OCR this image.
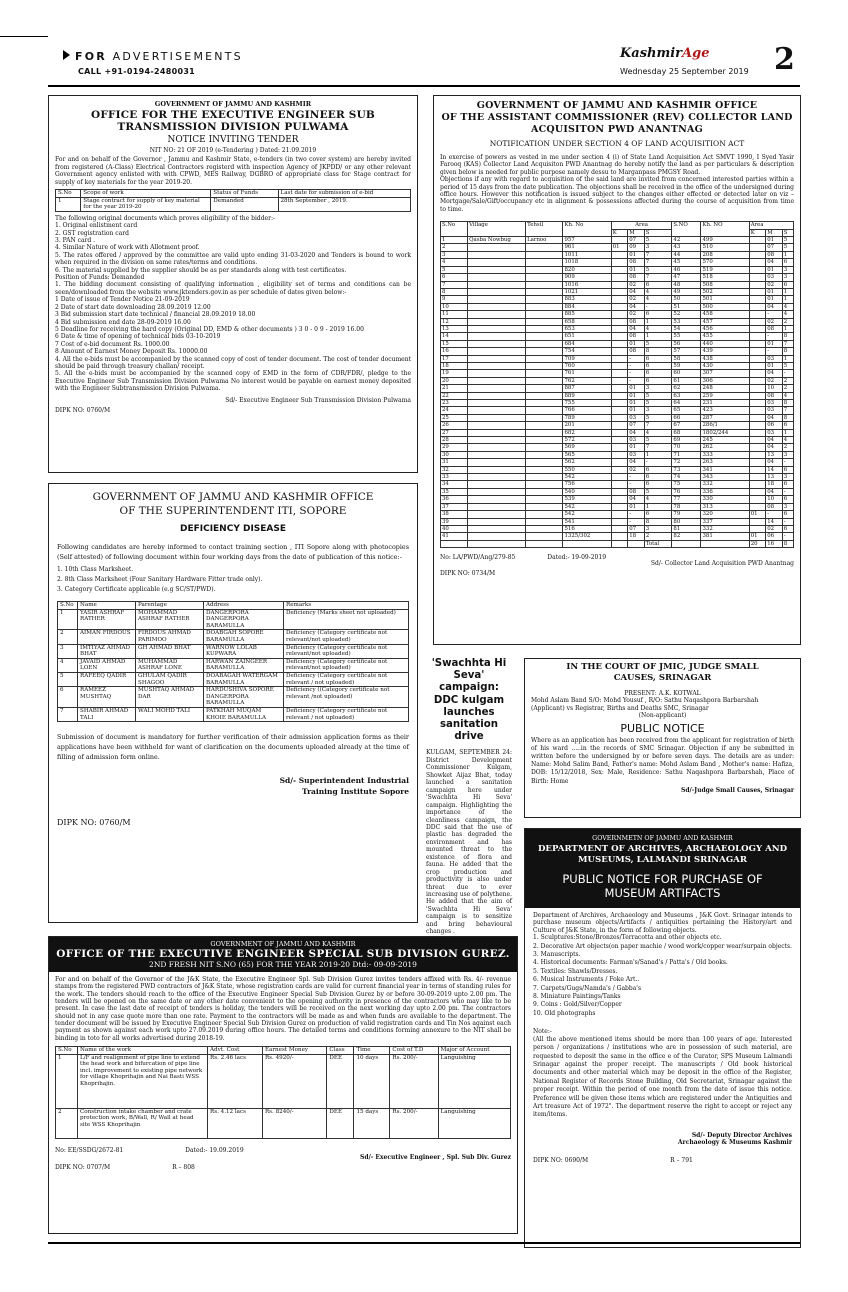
FOR ADVERTISEMENTS
CALL +91-0194-2480031
KashmirAge
Wednesday 25 September 2019 2
GOVERNMENT OF JAMMU AND KASHMIR
OFFICE FOR THE EXECUTIVE ENGINEER SUB TRANSMISSION DIVISION PULWAMA
NOTICE INVITING TENDER
NIT NO: 21 OF 2019 (e-Tendering ) Dated: 21.09.2019
For and on behalf of the Governor , Jammu and Kashmir State, e-tenders (in two cover system) are hereby invited from registered (A-Class) Electrical Contractors registerd with inspection Agency of JKPDD/ or any other relevant Government agency enlisted with with CPWD, MES Railway, DGBRO of appropriate class for Stage contract for supply of key materials for the year 2019-20.
S.No	Scope of work	Status of Funds	Last date for submission of e-bid
1	Stage contract for supply of key material for the year 2019-20	Demanded	28th September , 2019.
The following original documents which proves eligibility of the bidder:-
1. Original enlistment card
2. GST registration card
3. PAN card .
4. Similar Nature of work with Allotment proof.
5. The rates offered / approved by the committee are valid upto ending 31-03-2020 and Tenders is bound to work when required in the division on same rates/terms and conditions.
6. The material supplied by the supplier should be as per standards along with test certificates.
Position of Funds: Demanded
1. The bidding document consisting of qualifying information , eligibility set of terms and conditions can be seen/downloaded from the website www.jktenders.gov.in as per schedule of dates given below:-
1 Date of issue of Tender Notice 21-09-2019
2 Date of start date downloading 28.09.2019 12.00
3 Bid submission start date technical / financial 28.09.2019 18.00
4 Bid submission end date 28-09-2019 16.00
5 Deadline for receiving the hard copy (Original DD, EMD & other documents ) 3 0 - 0 9 - 2019 16.00
6 Date & time of opening of technical bids 03-10-2019
7 Cost of e-bid document Rs. 1000.00
8 Amount of Earnest Money Deposit Rs. 10000.00
4. All the e-bids must be accompanied by the scanned copy of cost of tender document. The cost of tender document should be paid through treasury challan/ receipt.
5. All the e-bids must be accompanied by the scanned copy of EMD in the form of CDR/FDR/, pledge to the Executive Engineer Sub Transmission Division Pulwama No interest would be payable on earnest money deposited with the Engineer Subtransmission Division Pulwama.
Sd/- Executive Engineer Sub Transmission Division Pulwama
DIPK NO: 0760/M
GOVERNMENT OF JAMMU AND KASHMIR OFFICE
OF THE SUPERINTENDENT ITI, SOPORE
DEFICIENCY DISEASE
Following candidates are hereby informed to contact training section , ITI Sopore along with photocopies (Self attested) of following document within four working days from the date of publication of this notice:-
1. 10th Class Marksheet.
2. 8th Class Marksheet (Four Sanitary Hardware Fitter trade only).
3. Category Certificate applicable (e.g SC/ST/PWD).
S.No	Name	Parentage	Address	Remarks
1	YASIR ASHRAF RATHER	MOHAMMAD ASHRAF RATHER	DANGERPORA DANGERPORA BARAMULLA	Deficiency (Marks sheet not uploaded)
2	AIMAN FIRDOUS	FIRDOUS AHMAD PARIMOO	DOABGAH SOPORE BARAMULLA	Deficiency (Category certificate not relevant/not uploaded)
3	IMTIYAZ AHMAD BHAT	GH AHMAD BHAT	WARNOW LOLAB KUPWARA	Deficiency (Category certificate not relevant/not uploaded)
4	JAVAID AHMAD LOEN	MUHAMMAD ASHRAF LONE	HARWAN ZAINGEER BARAMULLA	Deficiency (Category certificate not relevant/not uploaded)
5	RAFEEQ QADIR	GHULAM QADIR SHAGOO	DOABAGAH WATERGAM BARAMULLA	Deficiency (Category certificate not relevant / not uploaded)
6	RAMEEZ MUSHTAQ	MUSHTAQ AHMAD DAR	HARDUSHIVA SOPORE DANGERPORA BARAMULLA	Deficiency ((Category certificate not relevant /not uploaded)
7	SHABIR AHMAD TALI	WALI MOHD TALI	PATKHAH MUQAM KHOIE BARAMULLA	Deficiency (Category certificate not relevant / not uploaded)
Submission of document is mandatory for further verification of their admission application forms as their applications have been withheld for want of clarification on the documents uploaded already at the time of filling of admission form online.
Sd/- Superintendent Industrial
Training Institute Sopore
DIPK NO: 0760/M
GOVERNMENT OF JAMMU AND KASHMIR OFFICE
OF THE ASSISTANT COMMISSIONER (REV) COLLECTOR LAND ACQUISITON PWD ANANTNAG
NOTIFICATION UNDER SECTION 4 OF LAND ACQUISITION ACT
In exercise of powers as vested in me under section 4 (i) of State Land Acquisition Act SMVT 1990, I Syed Yasir Farooq (KAS) Collector Land Acquisiton PWD Anantnag do hereby notify the land as per particulars & description given below is needed for public purpose namely dessu to Marganpass PMGSY Road.
Objections if any with regard to acquisition of the said land are invited from concerned interested parties within a period of 15 days from the date publication. The objections shall be received in the office of the undersigned during office hours. However this notification is issued subject to the changes either effected or detected later on viz – Mortgage/Sale/Gift/occupancy etc in alignment & possessions affected during the course of acquisition from time to time.
S.No	Village	Tehsil	Kh. No	Area			S.NO	Kh. NO	Area		
				K	M	S			K	M	S
1	Qasba Nowbug	Larnoo	957		07	5	42	499		01	5
2			961	01	09	3	43	510		07	5
3			1011		01	7	44	208		08	1
4			1018		08	7	45	570		04	6
5			820		01	5	46	519		01	3
6			909		08	7	47	518		03	3
7			1016		02	6	48	508		02	6
8			1021		04	4	49	502		01	1
9			883		02	4	50	501		01	1
10			884		04	-	51	500		04	4
11			885		02	6	52	458		-	4
12			658		08	1	53	457		02	2
13			653		04	4	54	456		08	1
14			651		08	1	55	455		-	8
15			684		01	5	56	440		01	7
16			754		08	8	57	439		-	8
17			709		-	6	58	438		03	1
18			760		-	6	59	430		01	5
19			761		-	6	60	307		04	-
20			762		-	6	61	306		02	2
21			887		01	3	62	248		10	2
22			889		01	5	63	259		08	4
23			755		01	5	64	231		03	8
24			766		01	3	65	423		03	7
25			789		03	5	66	287		04	8
26			201		07	7	67	286/1		06	6
27			682		04	4	68	1802/244		03	1
28			572		03	5	69	245		04	4
29			569		01	7	70	262		04	2
30			565		03	1	71	333		13	3
31			562		04	-	72	263		04	-
32			550		02	6	73	341		14	6
33			542		-	6	74	343		13	3
34			756		-	6	75	332		18	6
35			540		08	5	76	336		04	-
36			539		04	4	77	330		10	6
37			542		01	1	78	313		08	3
38			542		-	6	79	320	01	-	6
39			541		-	8	80	337		14	-
40			516		07	3	81	332		02	6
41			1325/302		18	2	82	381	01	06	-
						Total			20	16	8
No: LA/PWD/Ang/279-85	Dated:- 19-09-2019
Sd/- Collector Land Acquisition PWD Anantnag
DIPK NO: 0734/M
'Swachhta Hi Seva' campaign: DDC kulgam launches sanitation drive
KULGAM, SEPTEMBER 24: District Development Commissioner Kulgam, Showket Aijaz Bhat, today launched a sanitation campaign here under 'Swachhta Hi Seva' campaign. Highlighting the importance of the cleanliness campaign, the DDC said that the use of plastic has degraded the environment and has mounted threat to the existence of flora and fauna. He added that the crop production and productivity is also under threat due to ever increasing use of polythene. He added that the aim of 'Swachhta Hi Seva' campaign is to sensitize and bring behavioural changes .
IN THE COURT OF JMIC, JUDGE SMALL CAUSES, SRINAGAR
PRESENT: A.K. KOTWAL
Mohd Aslam Band S/O: Mohd Yousuf , R/O: Sathu Naqashpora Barbarshah
(Applicant) vs Registrar, Births and Deaths SMC, Srinagar
(Non-applicant)
PUBLIC NOTICE
Where as an application has been received from the applicant for registration of birth of his ward .....in the records of SMC Srinagar. Objection if any be submitted in written before the undersigned by or before seven days. The details are as under: Name: Mohd Salim Band, Father's name: Mohd Aslam Band , Mother's name: Hafiza, DOB: 15/12/2018, Sex: Male, Residence: Sathu Naqashpora Barbarshah, Place of Birth: Home
Sd/-Judge Small Causes, Srinagar
GOVERNMETN OF JAMMU AND KASHMIR
DEPARTMENT OF ARCHIVES, ARCHAEOLOGY AND MUSEUMS, LALMANDI SRINAGAR
PUBLIC NOTICE FOR PURCHASE OF MUSEUM ARTIFACTS
Department of Archives, Archaeology and Museums , J&K Govt. Srinagar intends to purchase museum objects/Artifacts / antiquities pertaining the History/art and Culture of J&K State, in the form of following objects.
1. Sculptures:Stone/Bronzes/Terracotta and other objects etc.
2. Decorative Art objects(on paper machie / wood work/copper wear/surpain objects.
3. Manuscripts.
4. Historical documents: Farman's/Sanad's / Patta's / Old books.
5. Textiles: Shawls/Dresses.
6. Musical Instruments / Foke Art..
7. Carpets/Gugs/Namda's / Gabba's
8. Miniature Paintings/Tanks
9. Coins : Gold/Silver/Copper
10. Old photographs
Note:-
(All the above mentioned items should be more than 100 years of age. Interested person / organizations / institutions who are in possession of such material, are requested to deposit the same in the office e of the Curator, SPS Museum Lalmandi Srinagar against the proper receipt. The manuscripts / Old book historical documents and other material which may be deposit in the office of the Register, National Register of Records Stone Building, Old Secretariat, Srinagar against the proper receipt. Within the period of one month from the date of issue this notice. Preference will be given those items which are registered under the Antiquities and Art treasure Act of 1972". The department reserve the right to accept or reject any item/items.
Sd/- Deputy Director Archives
Archaeology & Museums Kashmir
DIPK NO: 0690/M	R – 791
GOVERNMENT OF JAMMU AND KASHMIR
OFFICE OF THE EXECUTIVE ENGINEER SPECIAL SUB DIVISION GUREZ.
2ND FRESH NIT S.NO (65) FOR THE YEAR 2019-20 Dtd:- 09-09-2019
For and on behalf of the Governor of the J&K State, the Executive Engineer Spl. Sub Division Gurez invites tenders affixed with Rs. 4/- revenue stamps from the registered PWD contractors of J&K State, whose registration cards are valid for current financial year in terms of standing rules for the work. The tenders should reach to the office of the Executive Engineer Special Sub Division Gurez by or before 30-09-2019 upto 2.00 pm. The tenders will be opened on the same date or any other date convenient to the opening authority in presence of the contractors who may like to be present. In case the last date of receipt of tenders is holiday, the tenders will be received on the next working day upto 2.00 pm. The contractors should not in any case quote more than one rate. Payment to the contractors will be made as and when funds are available to the department. The tender document will be issued by Executive Engineer Special Sub Division Gurez on production of valid registration cards and Tin Nos against each payment as shown against each work upto 27.09.2019 during office hours. The detailed terms and conditions forming annexure to the NIT shall be binding in toto for all works advertised during 2018-19.
S.No	Name of the work	Advt. Cost	Earnest Money	Class	Time	Cost of T.D	Major of Account
1	L/F and realignment of pipe line to extend the head work and bifurcation of pipe line incl. improvement to existing pipe network for village Khoprihajin and Nai Basti WSS Khoprihajin.	Rs. 2.46 lacs	Rs. 4920/-	DEE	10 days	Rs. 200/-	Languishing
2	Construction intake chamber and crate protection work, B/Wall, R/ Wall at head site WSS Khoprihajin	Rs. 4.12 lacs	Rs. 8240/-	DEE	15 days	Rs. 200/-	Languishing
No: EE/SSDG/2672-81	Dated:- 19.09.2019
Sd/- Executive Engineer , Spl. Sub Div. Gurez
DIPK NO: 0707/M	R – 808
